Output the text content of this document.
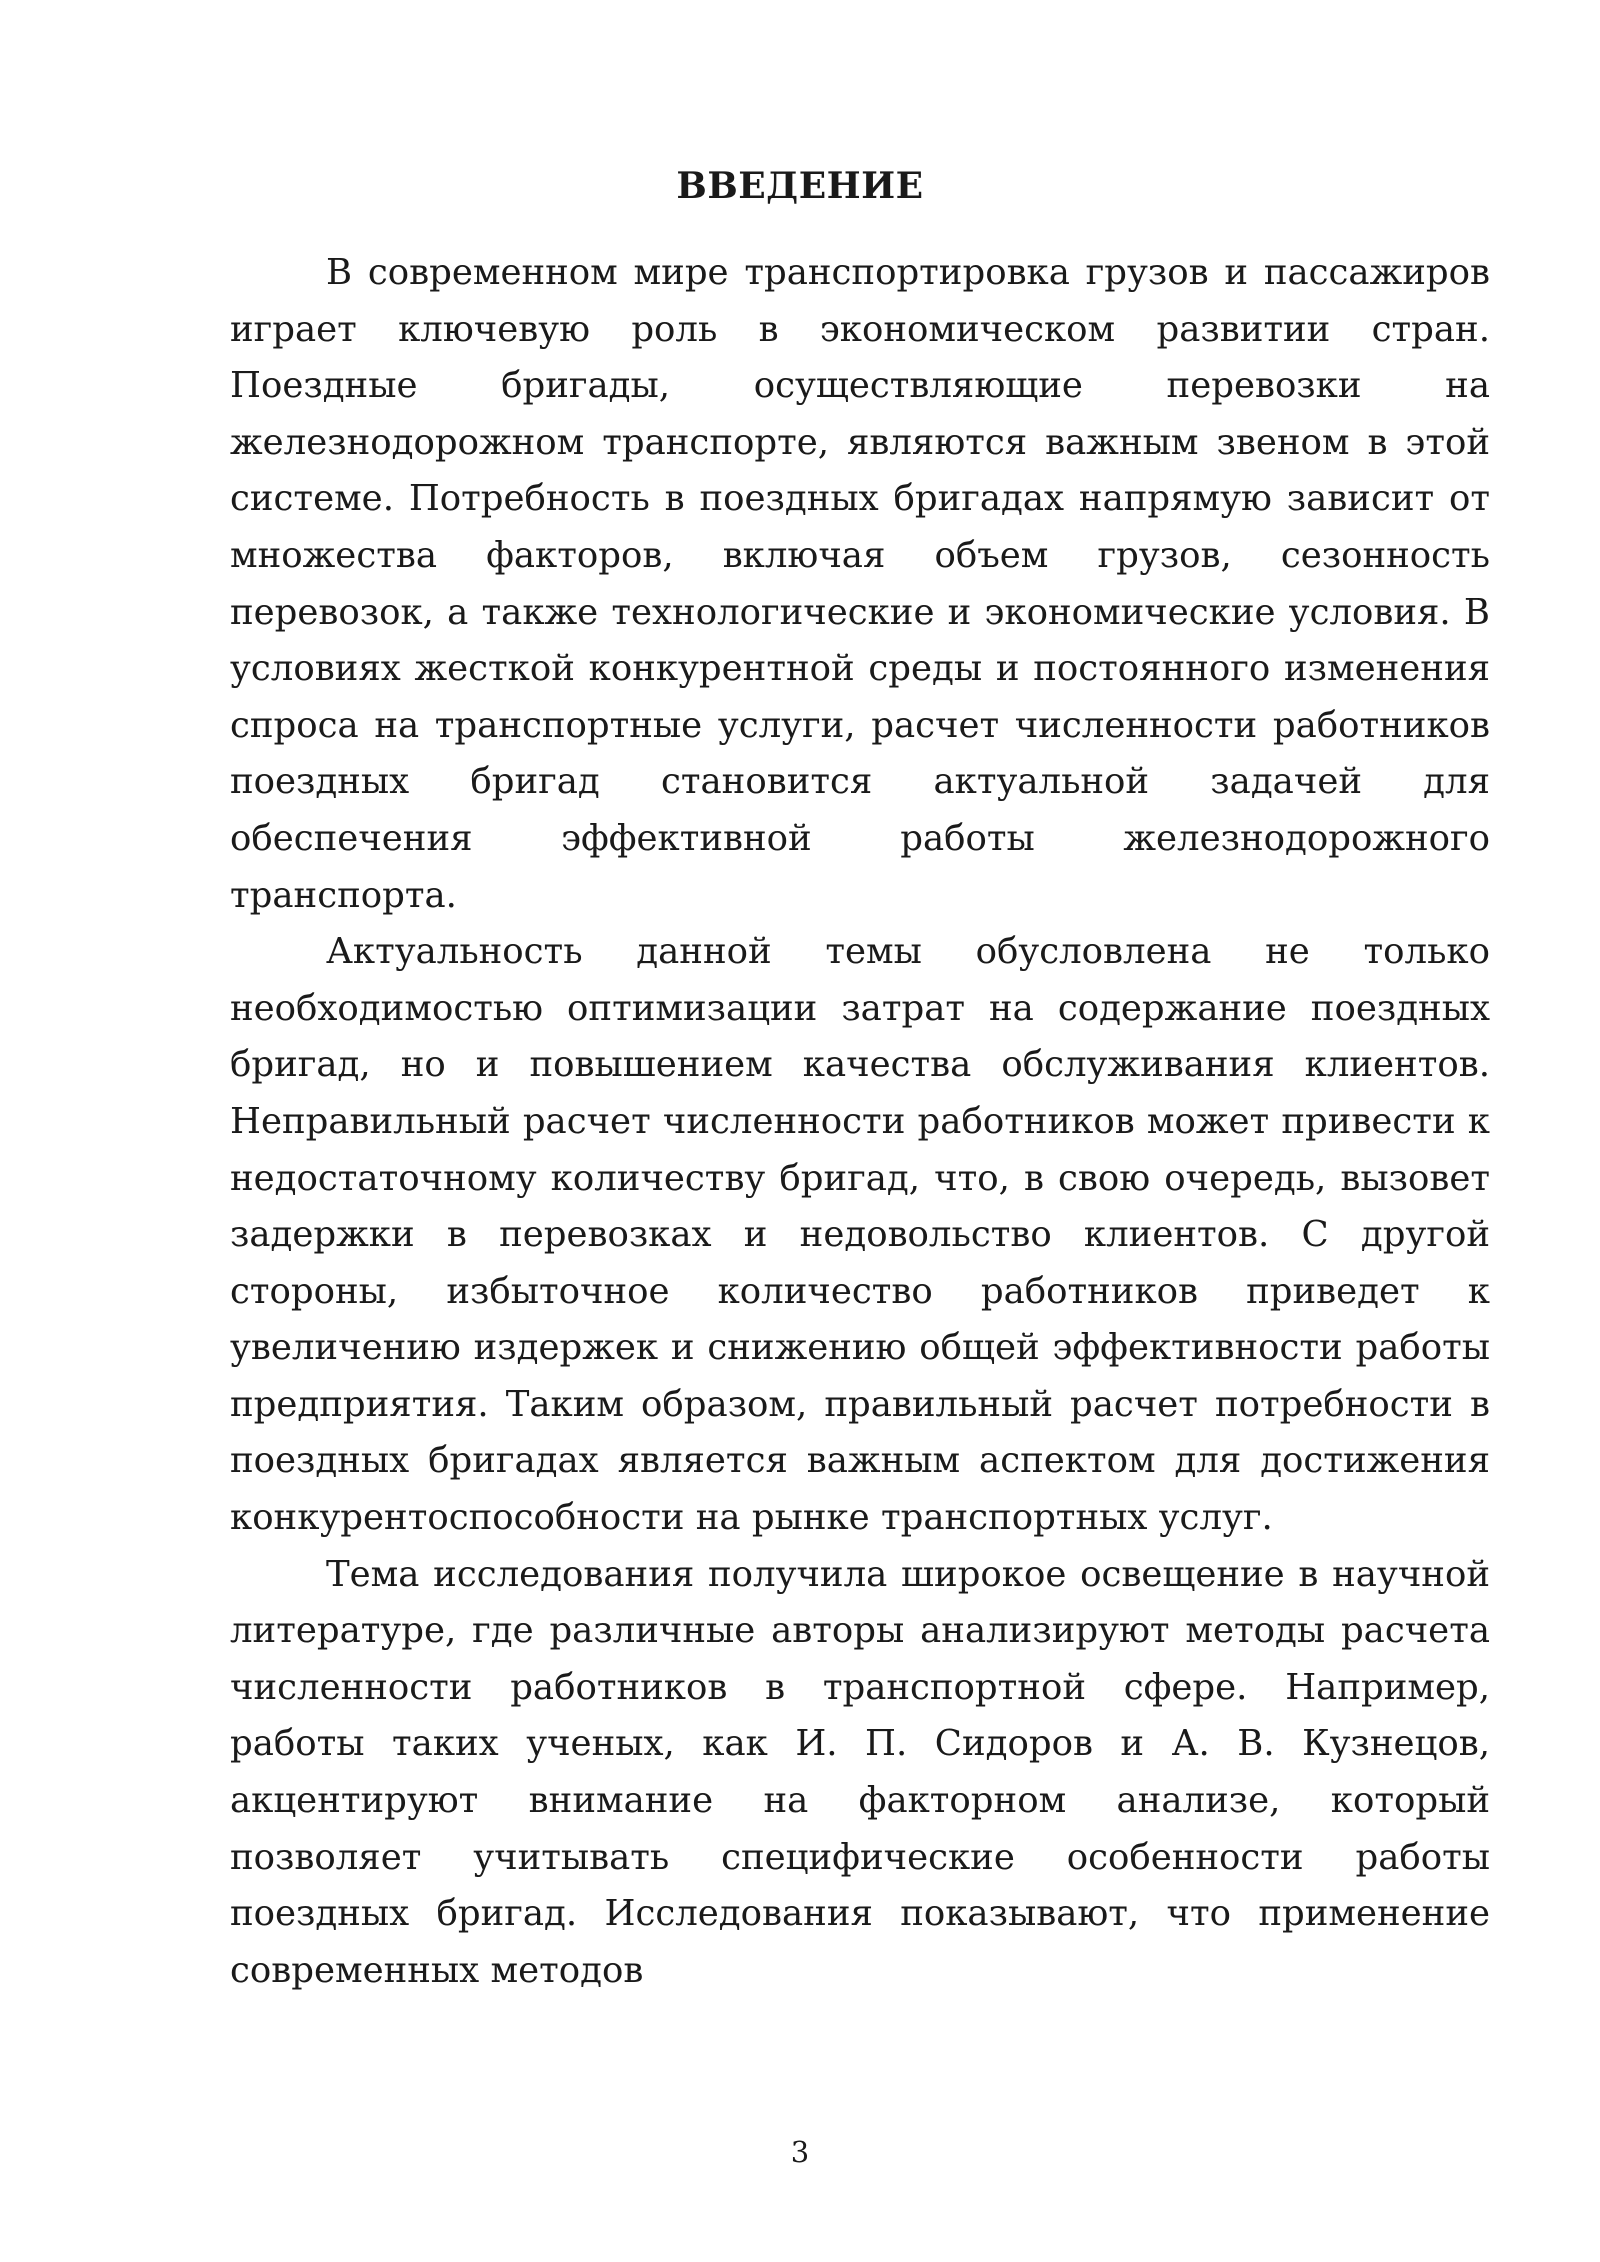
ВВЕДЕНИЕ

В современном мире транспортировка грузов и пассажиров играет ключевую роль в экономическом развитии стран. Поездные бригады, осуществляющие перевозки на железнодорожном транспорте, являются важным звеном в этой системе. Потребность в поездных бригадах напрямую зависит от множества факторов, включая объем грузов, сезонность перевозок, а также технологические и экономические условия. В условиях жесткой конкурентной среды и постоянного изменения спроса на транспортные услуги, расчет численности работников поездных бригад становится актуальной задачей для обеспечения эффективной работы железнодорожного транспорта.

Актуальность данной темы обусловлена не только необходимостью оптимизации затрат на содержание поездных бригад, но и повышением качества обслуживания клиентов. Неправильный расчет численности работников может привести к недостаточному количеству бригад, что, в свою очередь, вызовет задержки в перевозках и недовольство клиентов. С другой стороны, избыточное количество работников приведет к увеличению издержек и снижению общей эффективности работы предприятия. Таким образом, правильный расчет потребности в поездных бригадах является важным аспектом для достижения конкурентоспособности на рынке транспортных услуг.

Тема исследования получила широкое освещение в научной литературе, где различные авторы анализируют методы расчета численности работников в транспортной сфере. Например, работы таких ученых, как И. П. Сидоров и А. В. Кузнецов, акцентируют внимание на факторном анализе, который позволяет учитывать специфические особенности работы поездных бригад. Исследования показывают, что применение современных методов

3
